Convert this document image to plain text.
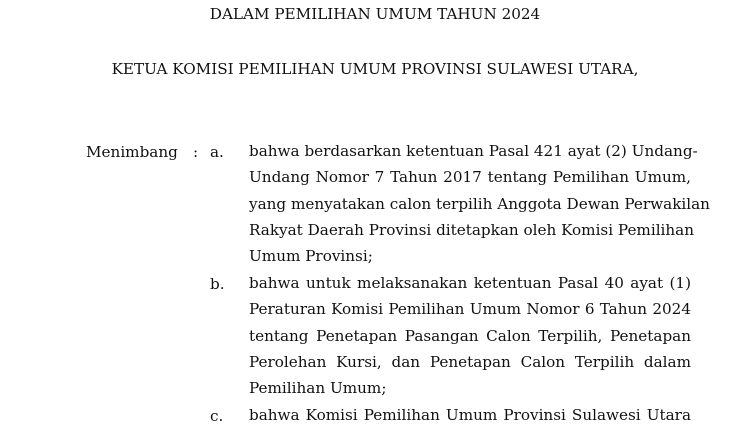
DALAM PEMILIHAN UMUM TAHUN 2024
KETUA KOMISI PEMILIHAN UMUM PROVINSI SULAWESI UTARA,
Menimbang : a. bahwa berdasarkan ketentuan Pasal 421 ayat (2) Undang-
Undang Nomor 7 Tahun 2017 tentang Pemilihan Umum,
yang menyatakan calon terpilih Anggota Dewan Perwakilan
Rakyat Daerah Provinsi ditetapkan oleh Komisi Pemilihan
Umum Provinsi;
b. bahwa untuk melaksanakan ketentuan Pasal 40 ayat (1)
Peraturan Komisi Pemilihan Umum Nomor 6 Tahun 2024
tentang Penetapan Pasangan Calon Terpilih, Penetapan
Perolehan Kursi, dan Penetapan Calon Terpilih dalam
Pemilihan Umum;
c. bahwa Komisi Pemilihan Umum Provinsi Sulawesi Utara
